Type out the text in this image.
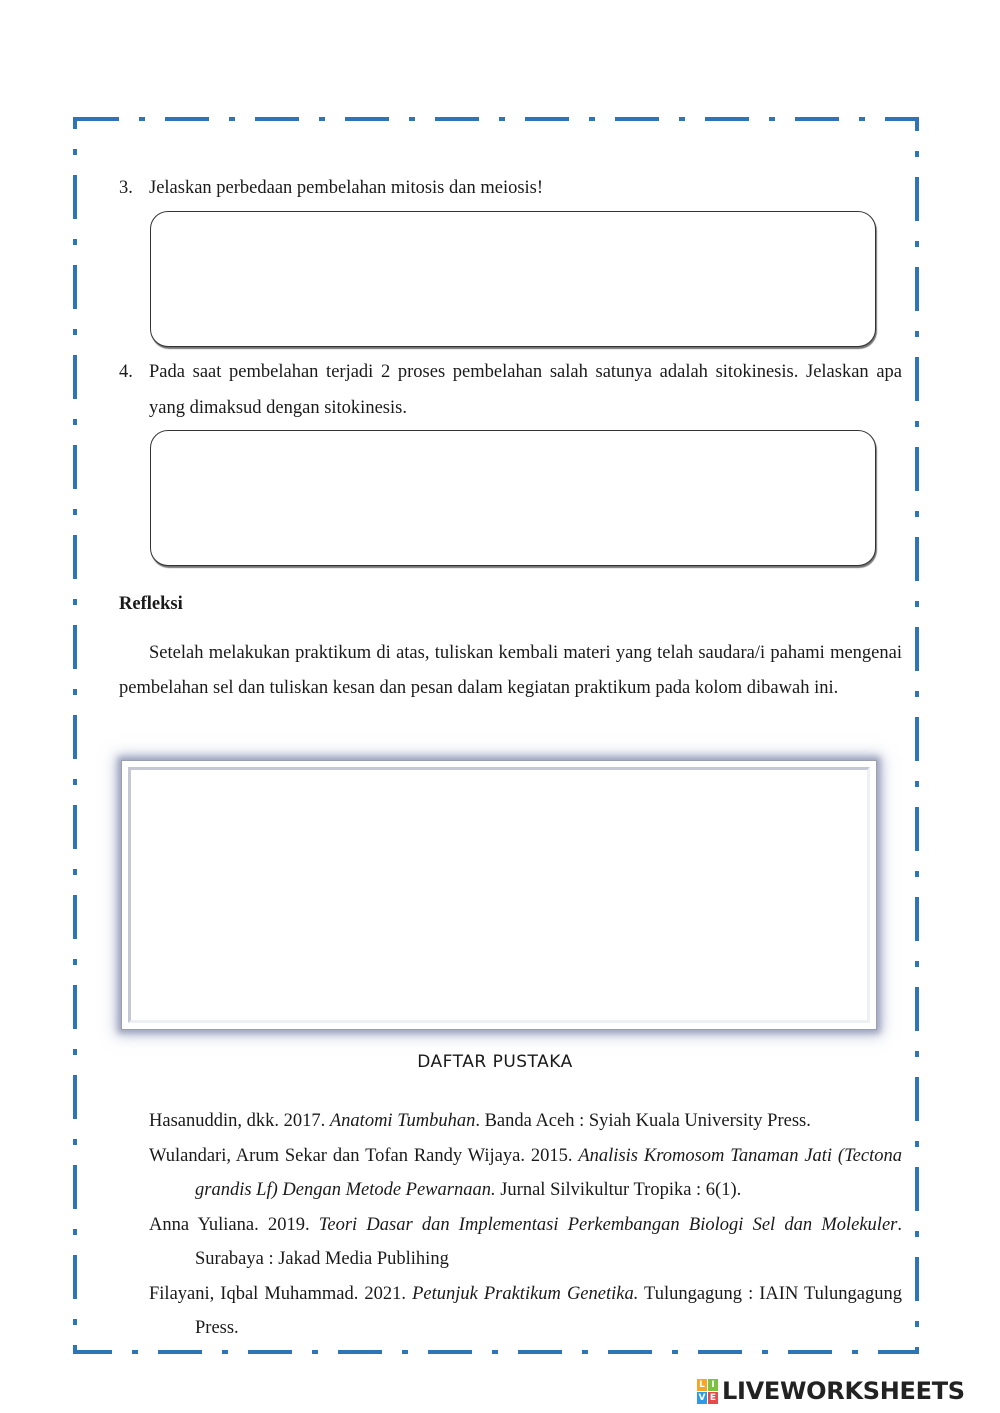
3. Jelaskan perbedaan pembelahan mitosis dan meiosis!
4. Pada saat pembelahan terjadi 2 proses pembelahan salah satunya adalah sitokinesis. Jelaskan apa yang dimaksud dengan sitokinesis.
Refleksi

Setelah melakukan praktikum di atas, tuliskan kembali materi yang telah saudara/i pahami mengenai pembelahan sel dan tuliskan kesan dan pesan dalam kegiatan praktikum pada kolom dibawah ini.

DAFTAR PUSTAKA

Hasanuddin, dkk. 2017. Anatomi Tumbuhan. Banda Aceh : Syiah Kuala University Press.

Wulandari, Arum Sekar dan Tofan Randy Wijaya. 2015. Analisis Kromosom Tanaman Jati (Tectona grandis Lf) Dengan Metode Pewarnaan. Jurnal Silvikultur Tropika : 6(1).

Anna Yuliana. 2019. Teori Dasar dan Implementasi Perkembangan Biologi Sel dan Molekuler. Surabaya : Jakad Media Publihing

Filayani, Iqbal Muhammad. 2021. Petunjuk Praktikum Genetika. Tulungagung : IAIN Tulungagung Press.

L I
V E LIVEWORKSHEETS
